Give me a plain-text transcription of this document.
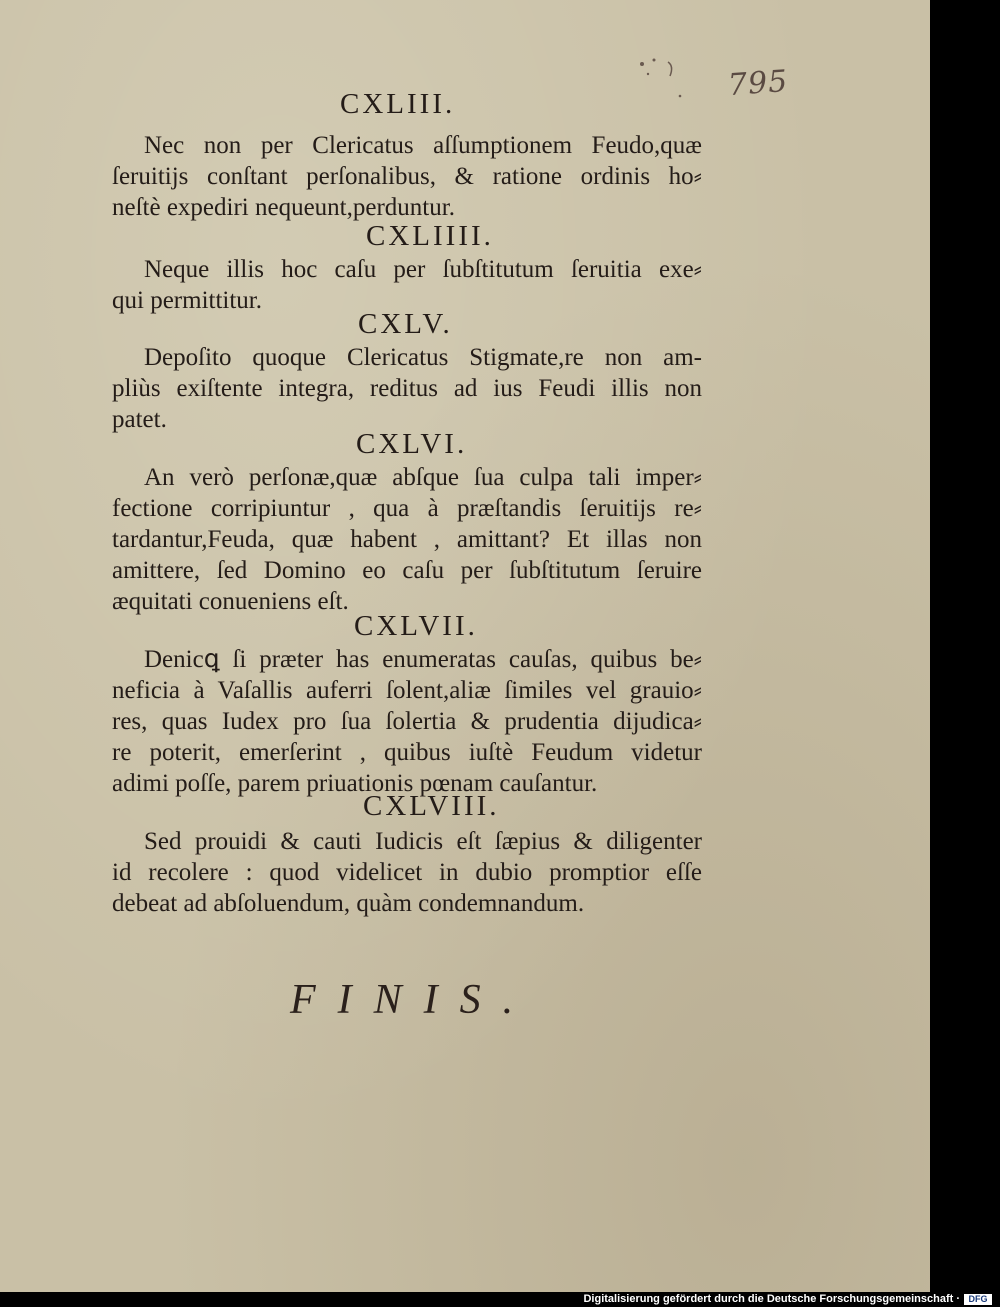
795
CXLIII.
Nec non per Clericatus aſſumptionem Feudo,quæ
ſeruitijs conſtant perſonalibus, & ratione ordinis ho⸗
neſtè expediri nequeunt,perduntur.
CXLIIII.
Neque illis hoc caſu per ſubſtitutum ſeruitia exe⸗
qui permittitur.
CXLV.
Depoſito quoque Clericatus Stigmate,re non am-
pliùs exiſtente integra, reditus ad ius Feudi illis non
patet.
CXLVI.
An verò perſonæ,quæ abſque ſua culpa tali imper⸗
fectione corripiuntur , qua à præſtandis ſeruitijs re⸗
tardantur,Feuda, quæ habent , amittant? Et illas non
amittere, ſed Domino eo caſu per ſubſtitutum ſeruire
æquitati conueniens eſt.
CXLVII.
Denicꝗ ſi præter has enumeratas cauſas, quibus be⸗
neficia à Vaſallis auferri ſolent,aliæ ſimiles vel grauio⸗
res, quas Iudex pro ſua ſolertia & prudentia dijudica⸗
re poterit, emerſerint , quibus iuſtè Feudum videtur
adimi poſſe, parem priuationis pœnam cauſantur.
CXLVIII.
Sed prouidi & cauti Iudicis eſt ſæpius & diligenter
id recolere : quod videlicet in dubio promptior eſſe
debeat ad abſoluendum, quàm condemnandum.
FINIS.
Digitalisierung gefördert durch die Deutsche Forschungsgemeinschaft · DFG
